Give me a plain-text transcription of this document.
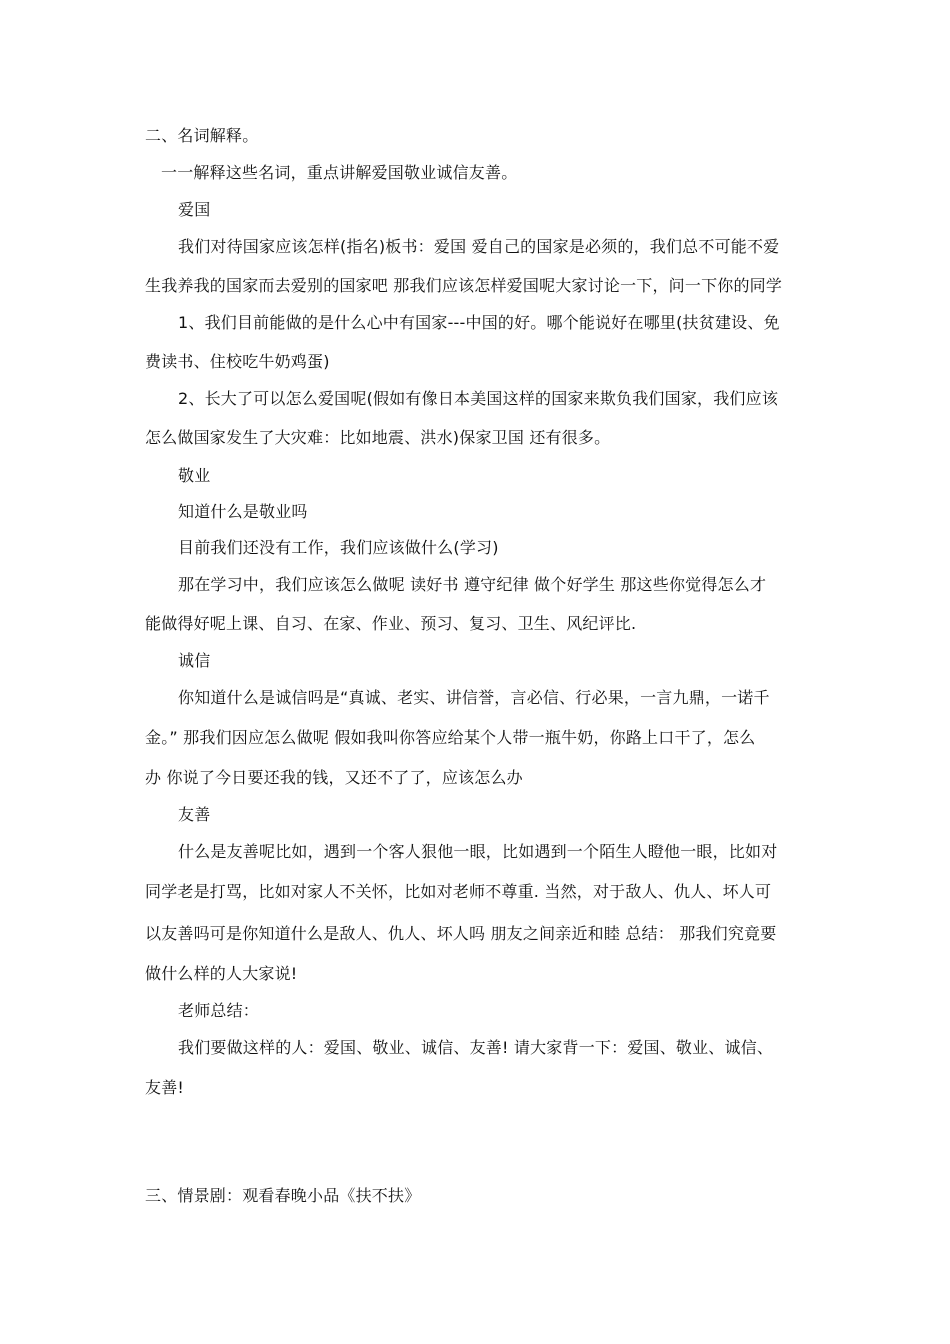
二、名词解释。
一一解释这些名词，重点讲解爱国敬业诚信友善。
爱国
我们对待国家应该怎样(指名)板书：爱国 爱自己的国家是必须的，我们总不可能不爱
生我养我的国家而去爱别的国家吧 那我们应该怎样爱国呢大家讨论一下，问一下你的同学
1、我们目前能做的是什么心中有国家---中国的好。哪个能说好在哪里(扶贫建设、免
费读书、住校吃牛奶鸡蛋)
2、长大了可以怎么爱国呢(假如有像日本美国这样的国家来欺负我们国家，我们应该
怎么做国家发生了大灾难：比如地震、洪水)保家卫国 还有很多。
敬业
知道什么是敬业吗
目前我们还没有工作，我们应该做什么(学习)
那在学习中，我们应该怎么做呢 读好书 遵守纪律 做个好学生 那这些你觉得怎么才
能做得好呢上课、自习、在家、作业、预习、复习、卫生、风纪评比.
诚信
你知道什么是诚信吗是“真诚、老实、讲信誉，言必信、行必果，一言九鼎，一诺千
金。” 那我们因应怎么做呢 假如我叫你答应给某个人带一瓶牛奶，你路上口干了，怎么
办 你说了今日要还我的钱，又还不了了，应该怎么办
友善
什么是友善呢比如，遇到一个客人狠他一眼，比如遇到一个陌生人瞪他一眼，比如对
同学老是打骂，比如对家人不关怀，比如对老师不尊重. 当然，对于敌人、仇人、坏人可
以友善吗可是你知道什么是敌人、仇人、坏人吗 朋友之间亲近和睦 总结： 那我们究竟要
做什么样的人大家说!
老师总结：
我们要做这样的人：爱国、敬业、诚信、友善! 请大家背一下：爱国、敬业、诚信、
友善!
三、情景剧：观看春晚小品《扶不扶》
